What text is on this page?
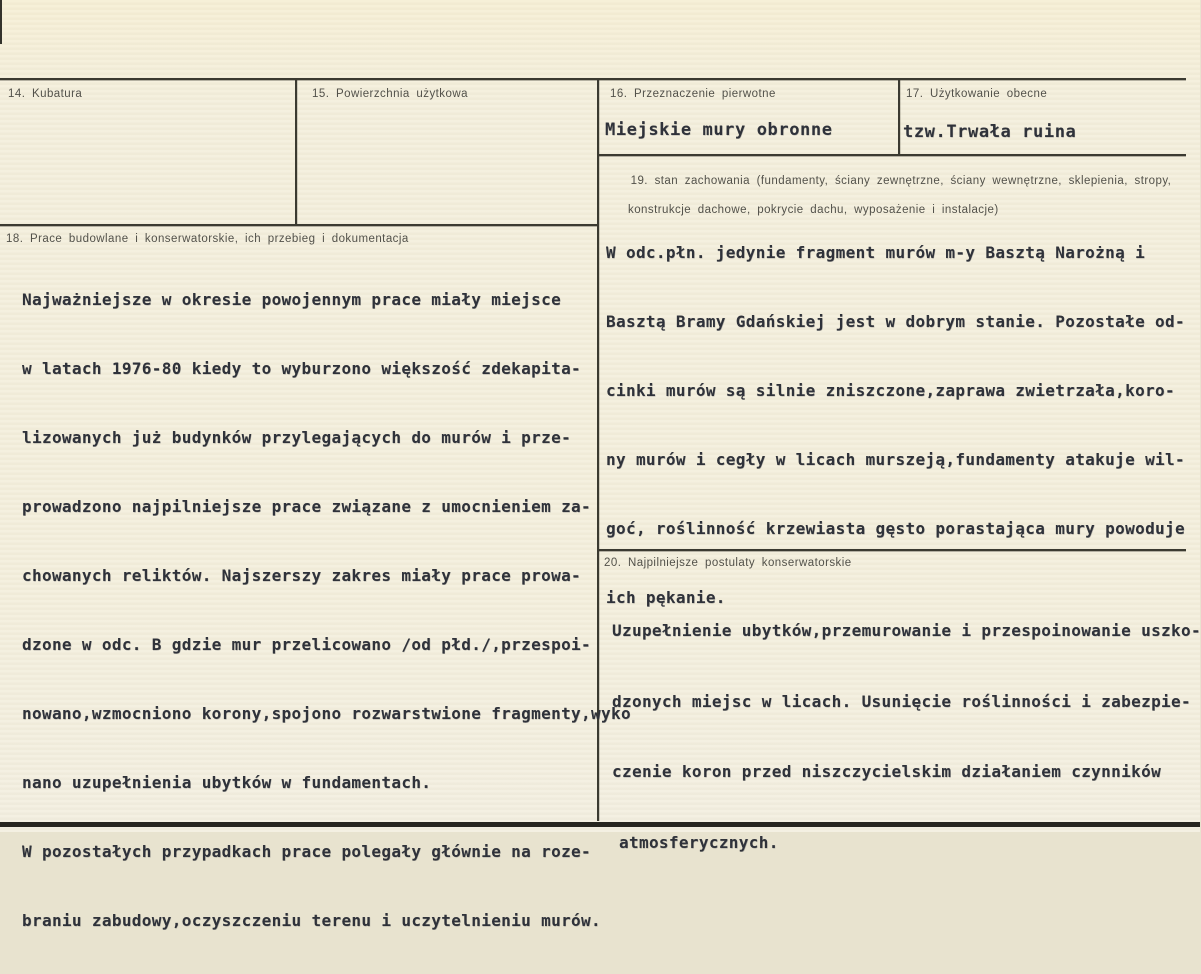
14. Kubatura	15. Powierzchnia użytkowa	16. Przeznaczenie pierwotne
Miejskie mury obronne
17. Użytkowanie obecne
tzw.Trwała ruina

19. stan zachowania (fundamenty, ściany zewnętrzne, ściany wewnętrzne, sklepienia, stropy,

konstrukcje dachowe, pokrycie dachu, wyposażenie i instalacje)

W odc.płn. jedynie fragment murów m-y Basztą Narożną i

Basztą Bramy Gdańskiej jest w dobrym stanie. Pozostałe od-

cinki murów są silnie zniszczone,zaprawa zwietrzała,koro-

ny murów i cegły w licach murszeją,fundamenty atakuje wil-

goć, roślinność krzewiasta gęsto porastająca mury powoduje

ich pękanie.

18. Prace budowlane i konserwatorskie, ich przebieg i dokumentacja

Najważniejsze w okresie powojennym prace miały miejsce

w latach 1976-80 kiedy to wyburzono większość zdekapita-

lizowanych już budynków przylegających do murów i prze-

prowadzono najpilniejsze prace związane z umocnieniem za-

chowanych reliktów. Najszerszy zakres miały prace prowa-

dzone w odc. B gdzie mur przelicowano /od płd./,przespoi-

nowano,wzmocniono korony,spojono rozwarstwione fragmenty,wyko

nano uzupełnienia ubytków w fundamentach.

W pozostałych przypadkach prace polegały głównie na roze-

braniu zabudowy,oczyszczeniu terenu i uczytelnieniu murów.

20. Najpilniejsze postulaty konserwatorskie

Uzupełnienie ubytków,przemurowanie i przespoinowanie uszko-

dzonych miejsc w licach. Usunięcie roślinności i zabezpie-

czenie koron przed niszczycielskim działaniem czynników

atmosferycznych.
